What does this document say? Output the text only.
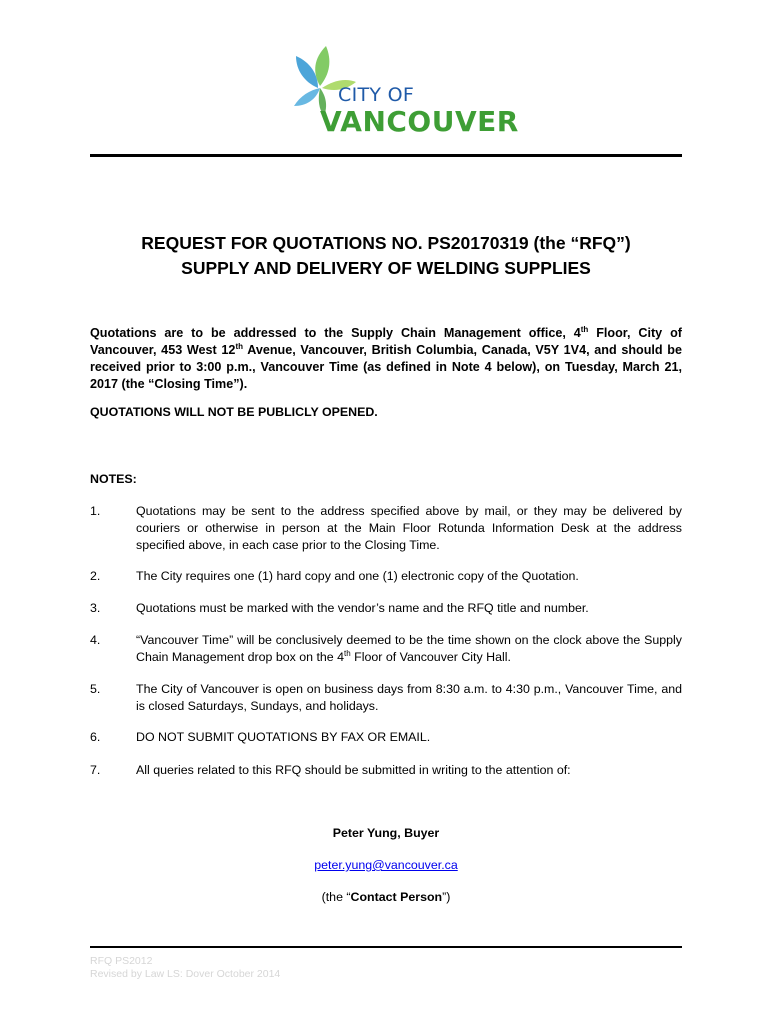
CITY OF
VANCOUVER
REQUEST FOR QUOTATIONS NO. PS20170319 (the “RFQ”)
SUPPLY AND DELIVERY OF WELDING SUPPLIES
Quotations are to be addressed to the Supply Chain Management office, 4th Floor, City of Vancouver, 453 West 12th Avenue, Vancouver, British Columbia, Canada, V5Y 1V4, and should be received prior to 3:00 p.m., Vancouver Time (as defined in Note 4 below), on Tuesday, March 21, 2017 (the “Closing Time”).
QUOTATIONS WILL NOT BE PUBLICLY OPENED.
NOTES:
1.	Quotations may be sent to the address specified above by mail, or they may be delivered by couriers or otherwise in person at the Main Floor Rotunda Information Desk at the address specified above, in each case prior to the Closing Time.
2.	The City requires one (1) hard copy and one (1) electronic copy of the Quotation.
3.	Quotations must be marked with the vendor’s name and the RFQ title and number.
4.	“Vancouver Time” will be conclusively deemed to be the time shown on the clock above the Supply Chain Management drop box on the 4th Floor of Vancouver City Hall.
5.	The City of Vancouver is open on business days from 8:30 a.m. to 4:30 p.m., Vancouver Time, and is closed Saturdays, Sundays, and holidays.
6.	DO NOT SUBMIT QUOTATIONS BY FAX OR EMAIL.
7.	All queries related to this RFQ should be submitted in writing to the attention of:
Peter Yung, Buyer
peter.yung@vancouver.ca
(the “Contact Person”)
RFQ PS2012
Revised by Law LS: Dover October 2014
